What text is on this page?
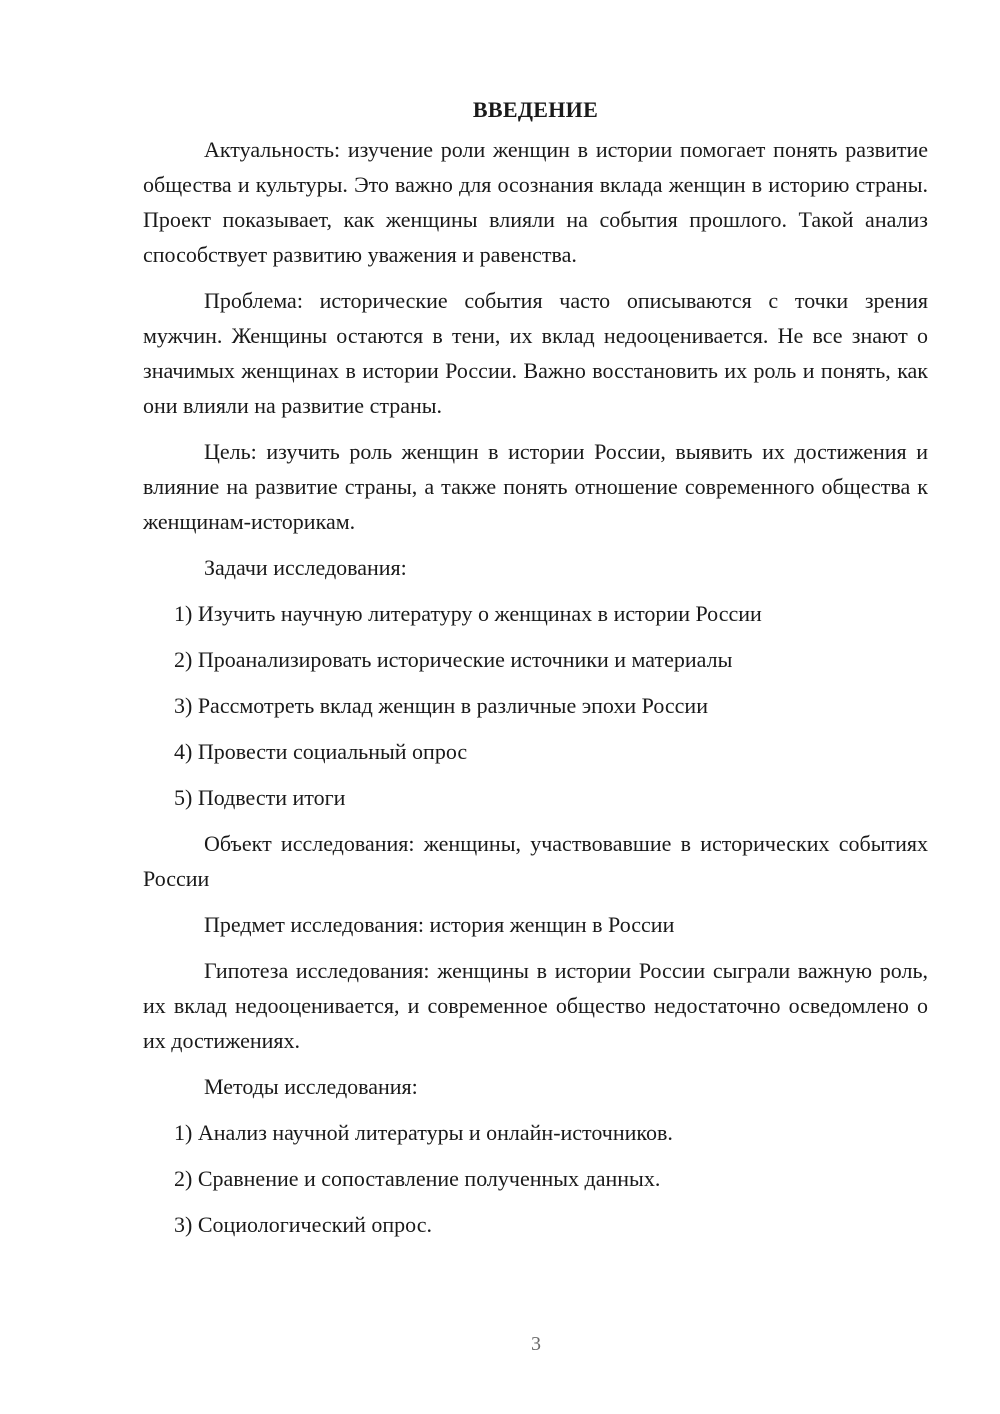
ВВЕДЕНИЕ

Актуальность: изучение роли женщин в истории помогает понять развитие общества и культуры. Это важно для осознания вклада женщин в историю страны. Проект показывает, как женщины влияли на события прошлого. Такой анализ способствует развитию уважения и равенства.

Проблема: исторические события часто описываются с точки зрения мужчин. Женщины остаются в тени, их вклад недооценивается. Не все знают о значимых женщинах в истории России. Важно восстановить их роль и понять, как они влияли на развитие страны.

Цель: изучить роль женщин в истории России, выявить их достижения и влияние на развитие страны, а также понять отношение современного общества к женщинам-историкам.

Задачи исследования:
1) Изучить научную литературу о женщинах в истории России
2) Проанализировать исторические источники и материалы
3) Рассмотреть вклад женщин в различные эпохи России
4) Провести социальный опрос
5) Подвести итоги

Объект исследования: женщины, участвовавшие в исторических событиях России

Предмет исследования: история женщин в России

Гипотеза исследования: женщины в истории России сыграли важную роль, их вклад недооценивается, и современное общество недостаточно осведомлено о их достижениях.

Методы исследования:
1) Анализ научной литературы и онлайн-источников.
2) Сравнение и сопоставление полученных данных.
3) Социологический опрос.
3
